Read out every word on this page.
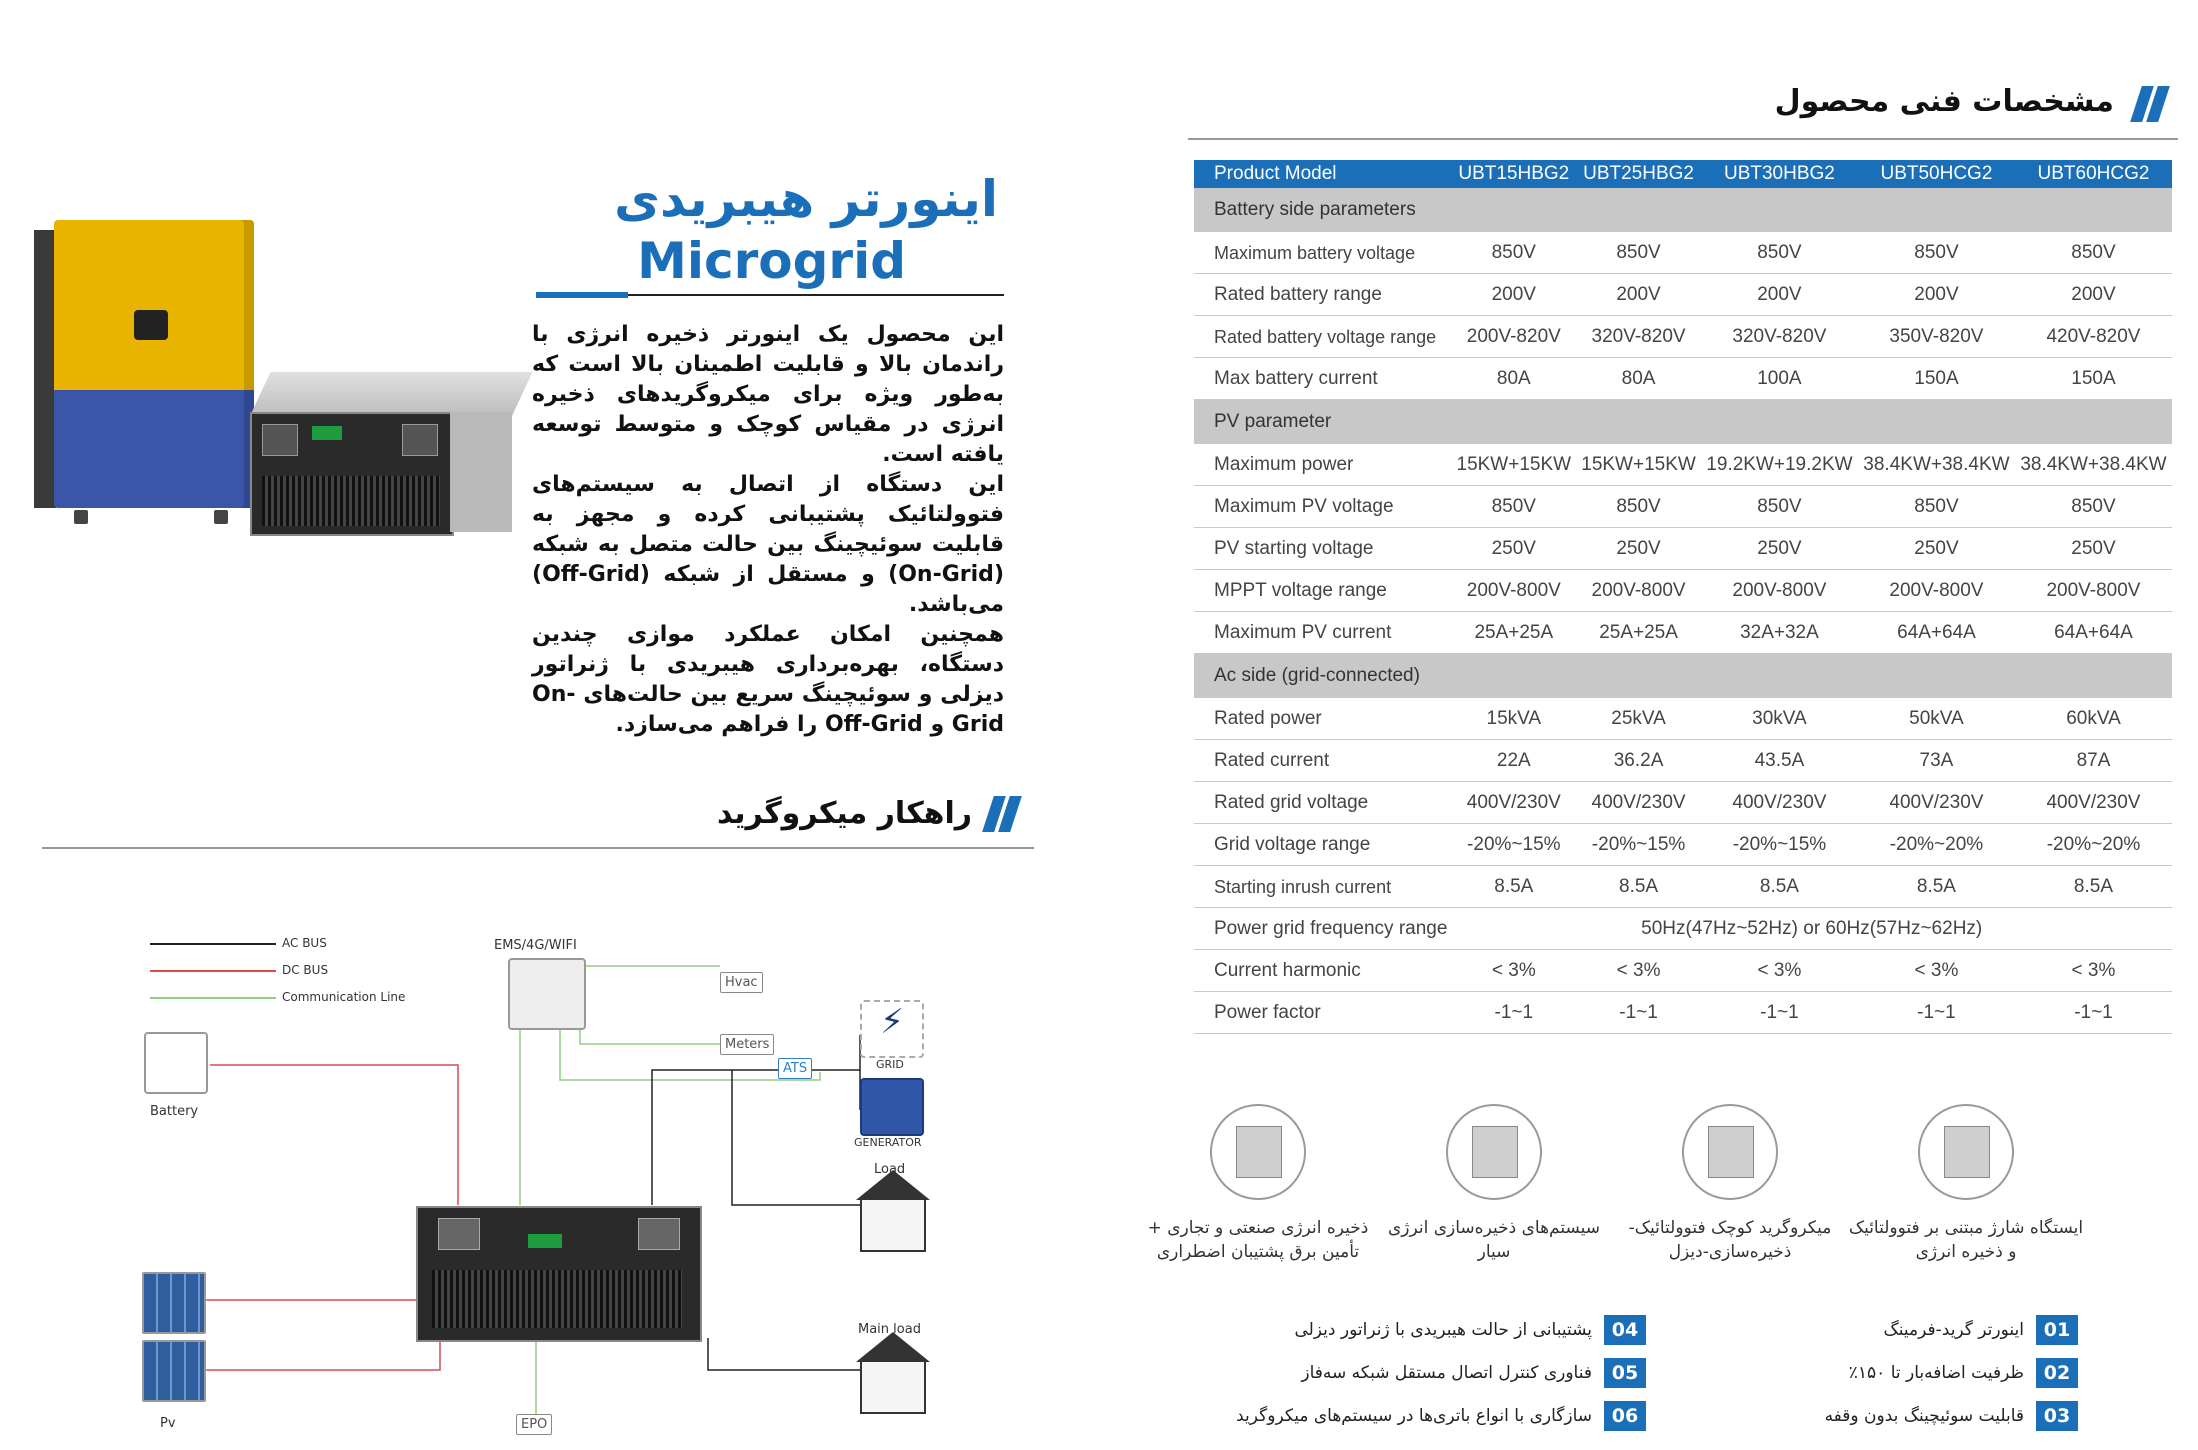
اینورتر هیبریدی
Microgrid

این محصول یک اینورتر ذخیره انرژی با راندمان بالا و قابلیت اطمینان بالا است که به‌طور ویژه برای میکروگریدهای ذخیره انرژی در مقیاس کوچک و متوسط توسعه یافته است.

این دستگاه از اتصال به سیستم‌های فتوولتائیک پشتیبانی کرده و مجهز به قابلیت سوئیچینگ بین حالت متصل به شبکه (On-Grid) و مستقل از شبکه (Off-Grid) می‌باشد.

همچنین امکان عملکرد موازی چندین دستگاه، بهره‌برداری هیبریدی با ژنراتور دیزلی و سوئیچینگ سریع بین حالت‌های On-Grid و Off-Grid را فراهم می‌سازد.

راهکار میکروگرید
AC BUS
DC BUS
Communication Line
EMS/4G/WIFI
Hvac
Meters
ATS
⚡
GRID
GENERATOR
Main load
Battery
Pv	EPO
مشخصات فنی محصول
Product Model	UBT15HBG2	UBT25HBG2	UBT30HBG2	UBT50HCG2	UBT60HCG2
Battery side parameters					
Maximum battery voltage	850V	850V	850V	850V	850V
Rated battery range	200V	200V	200V	200V	200V
Rated battery voltage range	200V-820V	320V-820V	320V-820V	350V-820V	420V-820V
Max battery current	80A	80A	100A	150A	150A
PV parameter					
Maximum power	15KW+15KW	15KW+15KW	19.2KW+19.2KW	38.4KW+38.4KW	38.4KW+38.4KW
Maximum PV voltage	850V	850V	850V	850V	850V
PV starting voltage	250V	250V	250V	250V	250V
MPPT voltage range	200V-800V	200V-800V	200V-800V	200V-800V	200V-800V
Maximum PV current	25A+25A	25A+25A	32A+32A	64A+64A	64A+64A
Ac side (grid-connected)					
Rated power	15kVA	25kVA	30kVA	50kVA	60kVA
Rated current	22A	36.2A	43.5A	73A	87A
Rated grid voltage	400V/230V	400V/230V	400V/230V	400V/230V	400V/230V
Grid voltage range	-20%~15%	-20%~15%	-20%~15%	-20%~20%	-20%~20%
Starting inrush current	8.5A	8.5A	8.5A	8.5A	8.5A
Power grid frequency range	50Hz(47Hz~52Hz) or 60Hz(57Hz~62Hz)				
Current harmonic	< 3%	< 3%	< 3%	< 3%	< 3%
Power factor	-1~1	-1~1	-1~1	-1~1	-1~1
ایستگاه شارژ مبتنی بر فتوولتائیک و ذخیره انرژی
میکروگرید کوچک فتوولتائیک-ذخیره‌سازی-دیزل
سیستم‌های ذخیره‌سازی انرژی سیار
ذخیره انرژی صنعتی و تجاری + تأمین برق پشتیبان اضطراری
01
اینورتر گرید-فرمینگ
02
ظرفیت اضافه‌بار تا ۱۵۰٪
03
قابلیت سوئیچینگ بدون وقفه
04
پشتیبانی از حالت هیبریدی با ژنراتور دیزلی
05
فناوری کنترل اتصال مستقل شبکه سه‌فاز
06
سازگاری با انواع باتری‌ها در سیستم‌های میکروگرید
